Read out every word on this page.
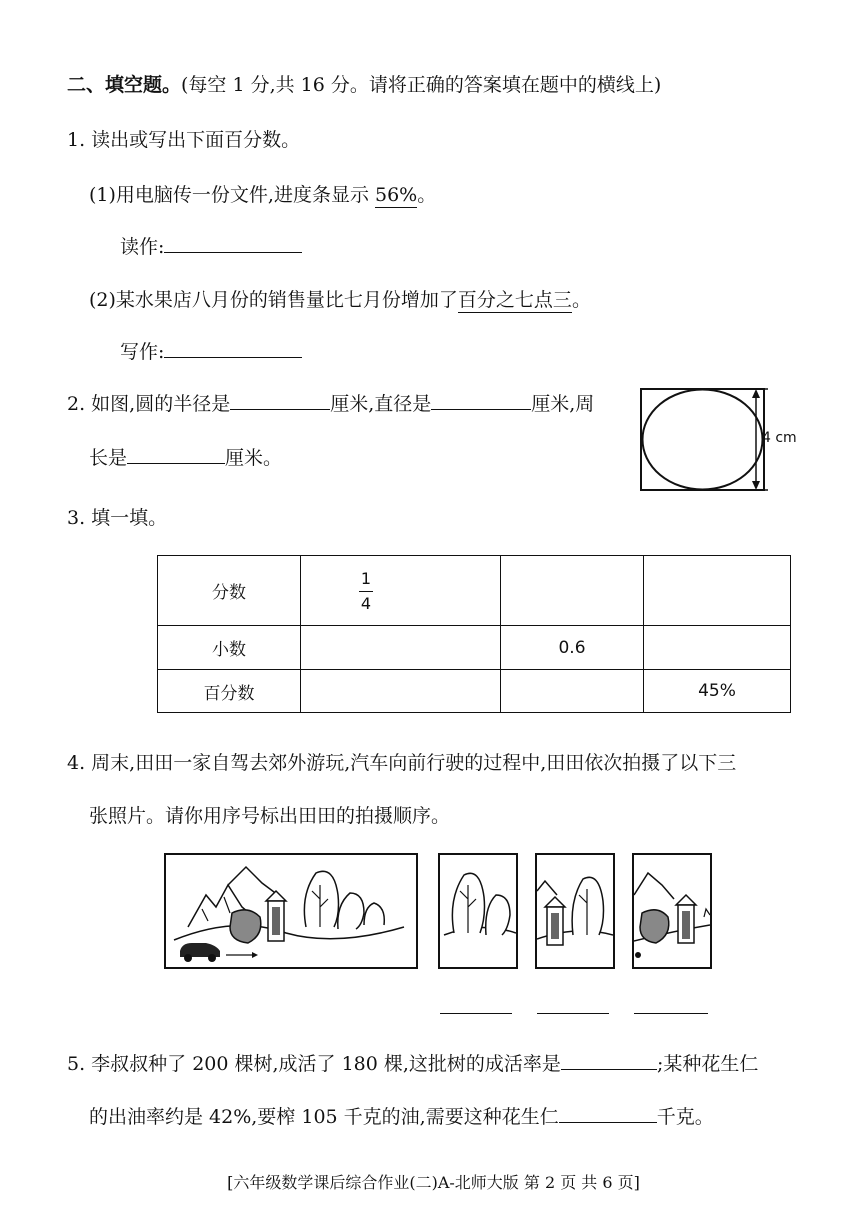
二、填空题。(每空 1 分,共 16 分。请将正确的答案填在题中的横线上)
1. 读出或写出下面百分数。
(1)用电脑传一份文件,进度条显示 56%。
读作:
(2)某水果店八月份的销售量比七月份增加了百分之七点三。
写作:
2. 如图,圆的半径是	厘米,直径是	厘米,周
长是	厘米。
4 cm
3. 填一填。
分数	$\frac{1}{4}$

小数		0.6	
百分数			45%
4. 周末,田田一家自驾去郊外游玩,汽车向前行驶的过程中,田田依次拍摄了以下三
张照片。请你用序号标出田田的拍摄顺序。
5. 李叔叔种了 200 棵树,成活了 180 棵,这批树的成活率是	;某种花生仁
的出油率约是 42%,要榨 105 千克的油,需要这种花生仁	千克。
[六年级数学课后综合作业(二)A-北师大版 第 2 页 共 6 页]
